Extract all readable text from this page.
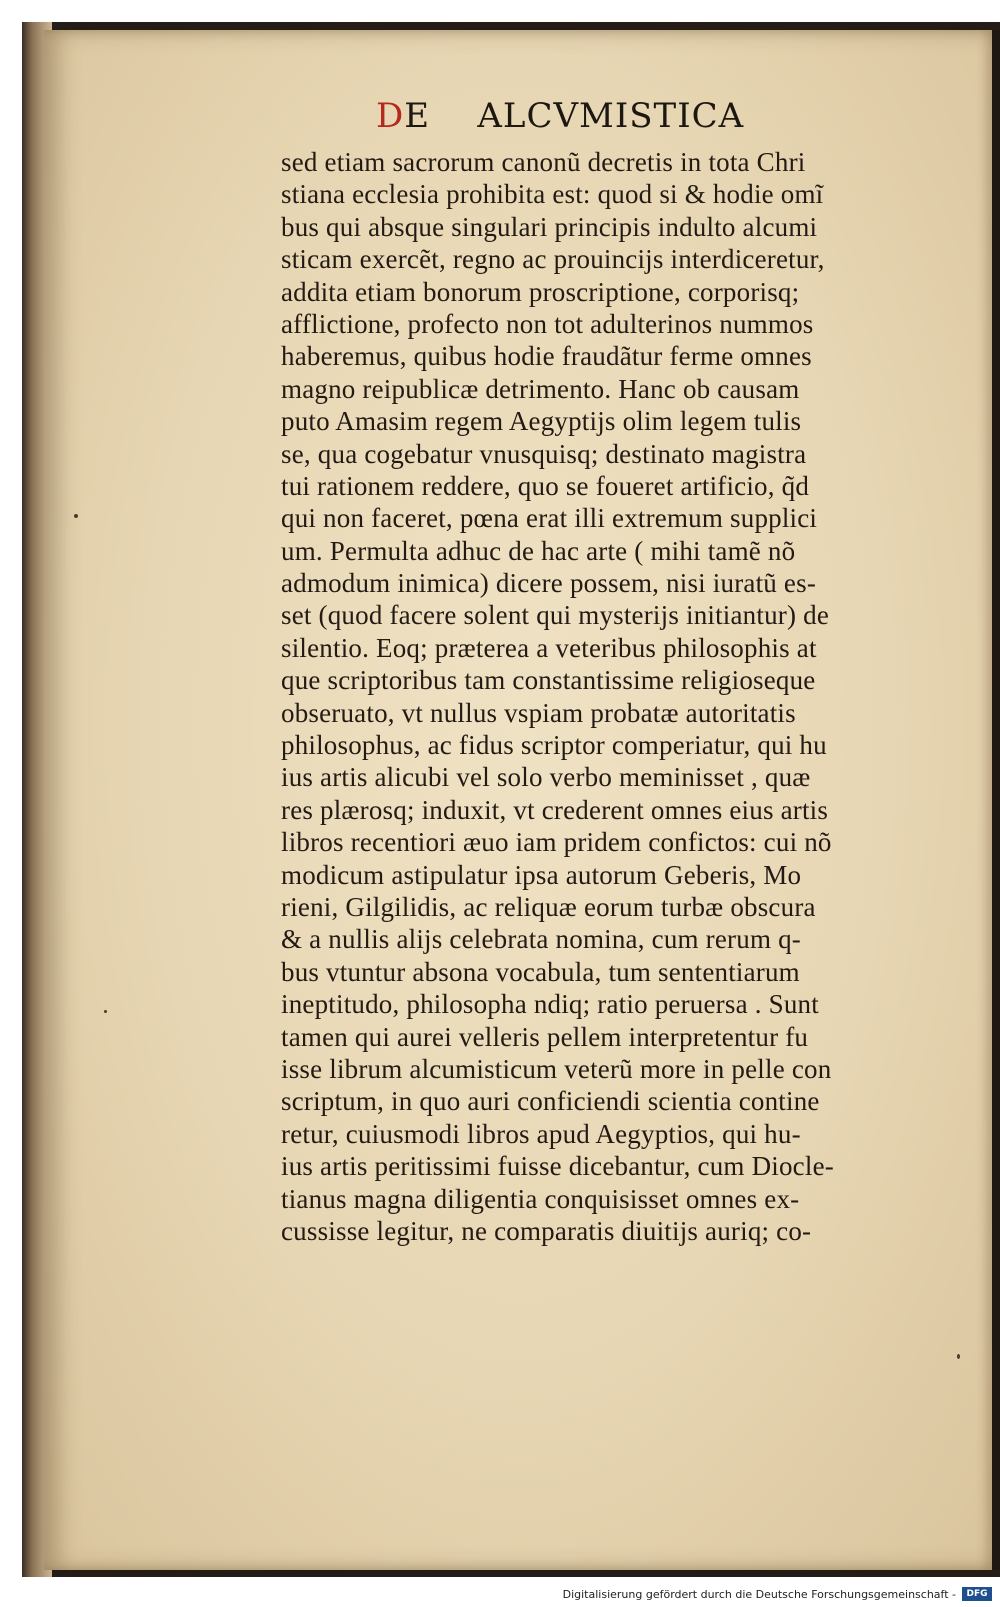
DE    ALCVMISTICA
sed etiam sacrorum canonũ decretis in tota Chri
stiana ecclesia prohibita est: quod si & hodie omĩ
bus qui absque singulari principis indulto alcumi
sticam exercẽt, regno ac prouincijs interdiceretur,
addita etiam bonorum proscriptione, corporisq;
afflictione, profecto non tot adulterinos nummos
haberemus, quibus hodie fraudãtur ferme omnes
magno reipublicæ detrimento. Hanc ob causam
puto Amasim regem Aegyptijs olim legem tulis
se, qua cogebatur vnusquisq; destinato magistra
tui rationem reddere, quo se foueret artificio, q̃d
qui non faceret, pœna erat illi extremum supplici
um. Permulta adhuc de hac arte ( mihi tamẽ nõ
admodum inimica) dicere possem, nisi iuratũ es-
set (quod facere solent qui mysterijs initiantur) de
silentio. Eoq; præterea a veteribus philosophis at
que scriptoribus tam constantissime religioseque
obseruato, vt nullus vspiam probatæ autoritatis
philosophus, ac fidus scriptor comperiatur, qui hu
ius artis alicubi vel solo verbo meminisset , quæ
res plærosq; induxit, vt crederent omnes eius artis
libros recentiori æuo iam pridem confictos: cui nõ
modicum astipulatur ipsa autorum Geberis, Mo
rieni, Gilgilidis, ac reliquæ eorum turbæ obscura
& a nullis alijs celebrata nomina, cum rerum q-
bus vtuntur absona vocabula, tum sententiarum
ineptitudo, philosopha ndiq; ratio peruersa . Sunt
tamen qui aurei velleris pellem interpretentur fu
isse librum alcumisticum veterũ more in pelle con
scriptum, in quo auri conficiendi scientia contine
retur, cuiusmodi libros apud Aegyptios, qui hu-
ius artis peritissimi fuisse dicebantur, cum Diocle-
tianus magna diligentia conquisisset omnes ex-
cussisse legitur, ne comparatis diuitijs auriq; co-
Digitalisierung gefördert durch die Deutsche Forschungsgemeinschaft -	DFG
